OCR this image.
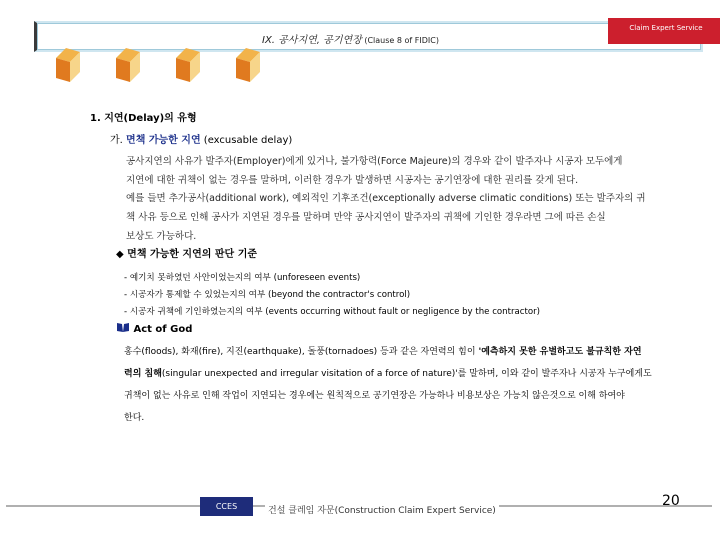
IX. 공사지연, 공기연장 (Clause 8 of FIDIC)
Claim Expert Service
1. 지연(Delay)의 유형
가. 면책 가능한 지연 (excusable delay)
공사지연의 사유가 발주자(Employer)에게 있거나, 불가항력(Force Majeure)의 경우와 같이 발주자나 시공자 모두에게
지연에 대한 귀책이 없는 경우를 말하며, 이러한 경우가 발생하면 시공자는 공기연장에 대한 권리를 갖게 된다.
예를 들면 추가공사(additional work), 예외적인 기후조건(exceptionally adverse climatic conditions) 또는 발주자의 귀
책 사유 등으로 인해 공사가 지연된 경우를 말하며 만약 공사지연이 발주자의 귀책에 기인한 경우라면 그에 따른 손실
보상도 가능하다.
◆ 면책 가능한 지연의 판단 기준
- 예기치 못하였던 사안이었는지의 여부 (unforeseen events)
- 시공자가 통제할 수 있었는지의 여부 (beyond the contractor's control)
- 시공자 귀책에 기인하였는지의 여부 (events occurring without fault or negligence by the contractor)
Act of God
홍수(floods), 화재(fire), 지진(earthquake), 돌풍(tornadoes) 등과 같은 자연력의 힘이 '예측하지 못한 유별하고도 불규칙한 자연
력의 침해(singular unexpected and irregular visitation of a force of nature)'를 말하며, 이와 같이 발주자나 시공자 누구에게도
귀책이 없는 사유로 인해 작업이 지연되는 경우에는 원칙적으로 공기연장은 가능하나 비용보상은 가능치 않은것으로 이해 하여야
한다.
CCES	건설 클레임 자문(Construction Claim Expert Service)
20
